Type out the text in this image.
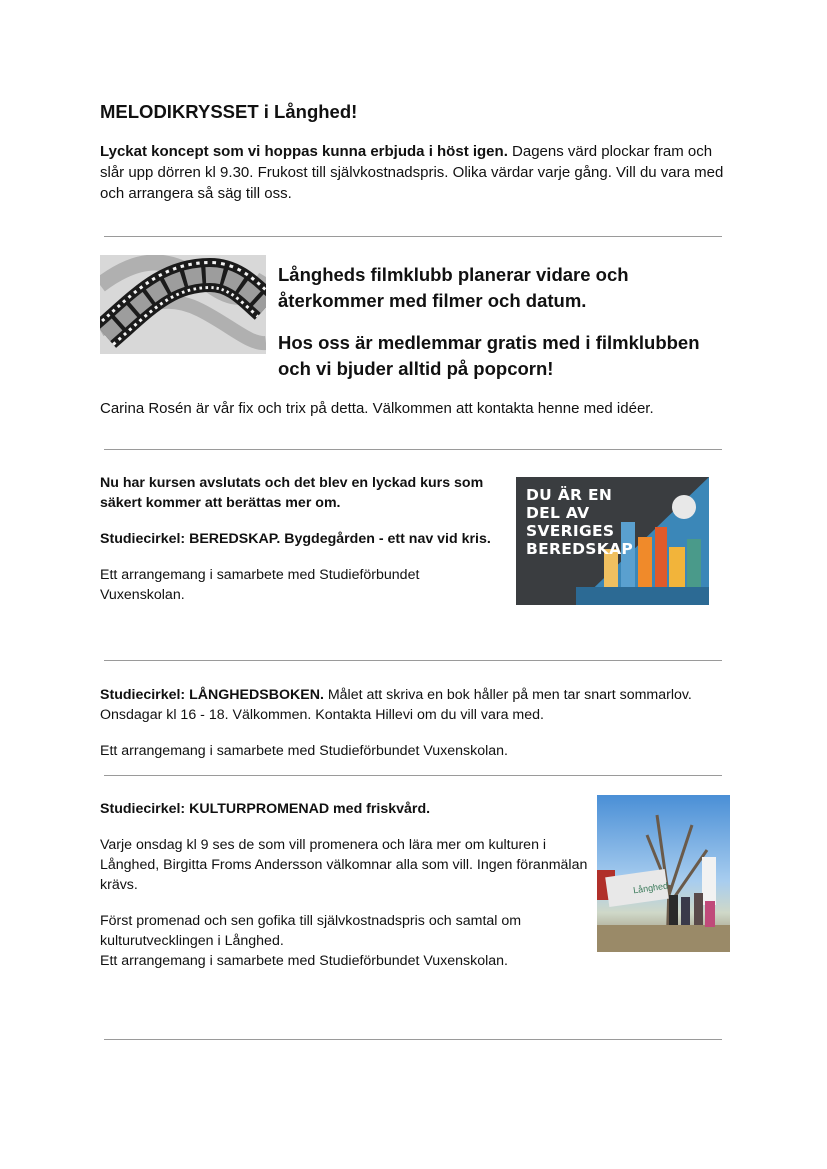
MELODIKRYSSET i Långhed!

Lyckat koncept som vi hoppas kunna erbjuda i höst igen. Dagens värd plockar fram och slår upp dörren kl 9.30. Frukost till självkostnadspris. Olika värdar varje gång. Vill du vara med och arrangera så säg till oss.

Långheds filmklubb planerar vidare och återkommer med filmer och datum.

Hos oss är medlemmar gratis med i filmklubben och vi bjuder alltid på popcorn!

Carina Rosén är vår fix och trix på detta. Välkommen att kontakta henne med idéer.

Nu har kursen avslutats och det blev en lyckad kurs som säkert kommer att berättas mer om.

Studiecirkel: BEREDSKAP. Bygdegården - ett nav vid kris.

Ett arrangemang i samarbete med Studieförbundet Vuxenskolan.

DU ÄR EN
DEL AV
SVERIGES
BEREDSKAP

Studiecirkel: LÅNGHEDSBOKEN. Målet att skriva en bok håller på men tar snart sommarlov. Onsdagar kl 16 - 18. Välkommen. Kontakta Hillevi om du vill vara med.

Ett arrangemang i samarbete med Studieförbundet Vuxenskolan.

Studiecirkel: KULTURPROMENAD med friskvård.

Varje onsdag kl 9 ses de som vill promenera och lära mer om kulturen i Långhed, Birgitta Froms Andersson välkomnar alla som vill. Ingen föranmälan krävs.

Först promenad och sen gofika till självkostnadspris och samtal om kulturutvecklingen i Långhed.

Ett arrangemang i samarbete med Studieförbundet Vuxenskolan.

Långhed
